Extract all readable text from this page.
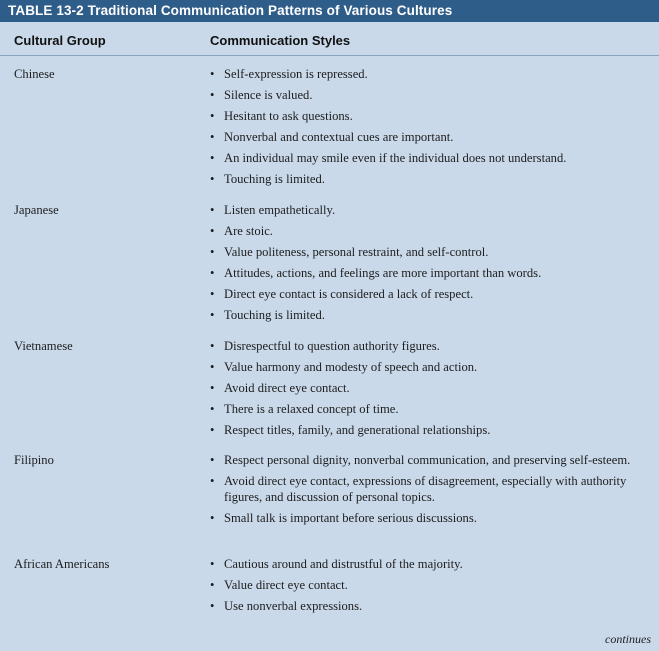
TABLE 13-2 Traditional Communication Patterns of Various Cultures
Cultural Group	Communication Styles
Chinese	• Self-expression is repressed.
• Silence is valued.
• Hesitant to ask questions.
• Nonverbal and contextual cues are important.
• An individual may smile even if the individual does not understand.
• Touching is limited.
Japanese	• Listen empathetically.
• Are stoic.
• Value politeness, personal restraint, and self-control.
• Attitudes, actions, and feelings are more important than words.
• Direct eye contact is considered a lack of respect.
• Touching is limited.
Vietnamese	• Disrespectful to question authority figures.
• Value harmony and modesty of speech and action.
• Avoid direct eye contact.
• There is a relaxed concept of time.
• Respect titles, family, and generational relationships.
Filipino	• Respect personal dignity, nonverbal communication, and preserving self-esteem.
• Avoid direct eye contact, expressions of disagreement, especially with authority figures, and discussion of personal topics.
• Small talk is important before serious discussions.
African Americans	• Cautious around and distrustful of the majority.
• Value direct eye contact.
• Use nonverbal expressions.
continues
